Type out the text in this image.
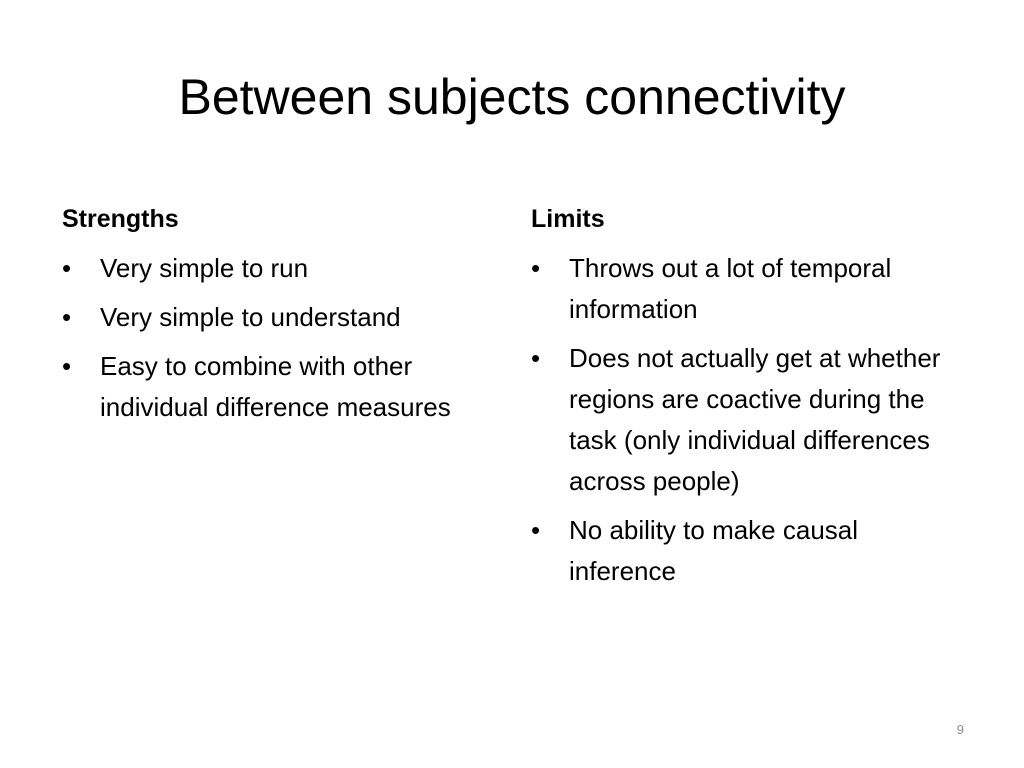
Between subjects connectivity
Strengths
•	Very simple to run
•	Very simple to understand
•	Easy to combine with other individual difference measures
Limits
•	Throws out a lot of temporal information
•	Does not actually get at whether regions are coactive during the task (only individual differences across people)
•	No ability to make causal inference
9
